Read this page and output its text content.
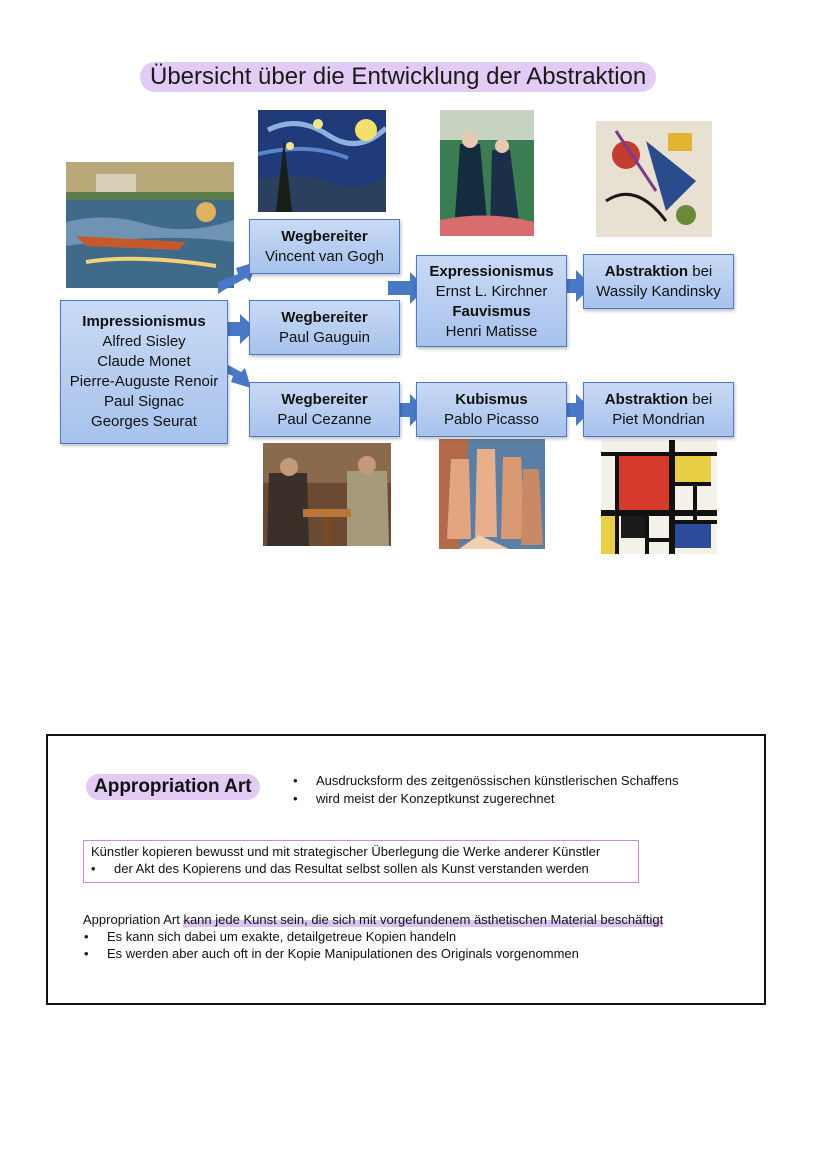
Übersicht über die Entwicklung der Abstraktion
Impressionismus
Alfred Sisley
Claude Monet
Pierre-Auguste Renoir
Paul Signac
Georges Seurat
Wegbereiter
Vincent van Gogh
Wegbereiter
Paul Gauguin
Wegbereiter
Paul Cezanne
Expressionismus
Ernst L. Kirchner
Fauvismus
Henri Matisse
Kubismus
Pablo Picasso
Abstraktion bei
Wassily Kandinsky
Abstraktion bei
Piet Mondrian
Appropriation Art	• Ausdrucksform des zeitgenössischen künstlerischen Schaffens
• wird meist der Konzeptkunst zugerechnet
Künstler kopieren bewusst und mit strategischer Überlegung die Werke anderer Künstler
• der Akt des Kopierens und das Resultat selbst sollen als Kunst verstanden werden
Appropriation Art kann jede Kunst sein, die sich mit vorgefundenem ästhetischen Material beschäftigt
• Es kann sich dabei um exakte, detailgetreue Kopien handeln
• Es werden aber auch oft in der Kopie Manipulationen des Originals vorgenommen
